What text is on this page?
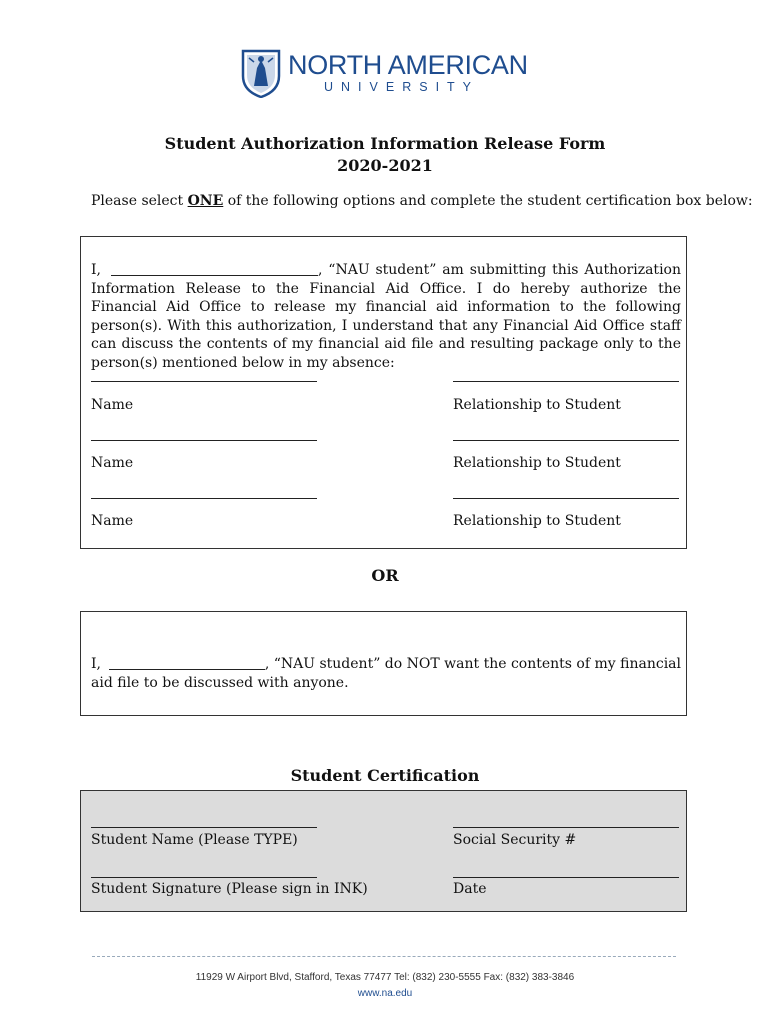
NORTH AMERICAN
UNIVERSITY
Student Authorization Information Release Form
2020-2021
Please select ONE of the following options and complete the student certification box below:
I,	, “NAU student” am submitting this Authorization
Information Release to the Financial Aid Office. I do hereby authorize the Financial Aid Office to release my financial aid information to the following person(s). With this authorization, I understand that any Financial Aid Office staff can discuss the contents of my financial aid file and resulting package only to the person(s) mentioned below in my absence:
Name	Relationship to Student
Name	Relationship to Student
Name	Relationship to Student
OR
I,	, “NAU student” do NOT want the contents of my financial
aid file to be discussed with anyone.
Student Certification
Student Name (Please TYPE)	Social Security #
Student Signature (Please sign in INK)	Date
11929 W Airport Blvd, Stafford, Texas 77477 Tel: (832) 230-5555 Fax: (832) 383-3846
www.na.edu
